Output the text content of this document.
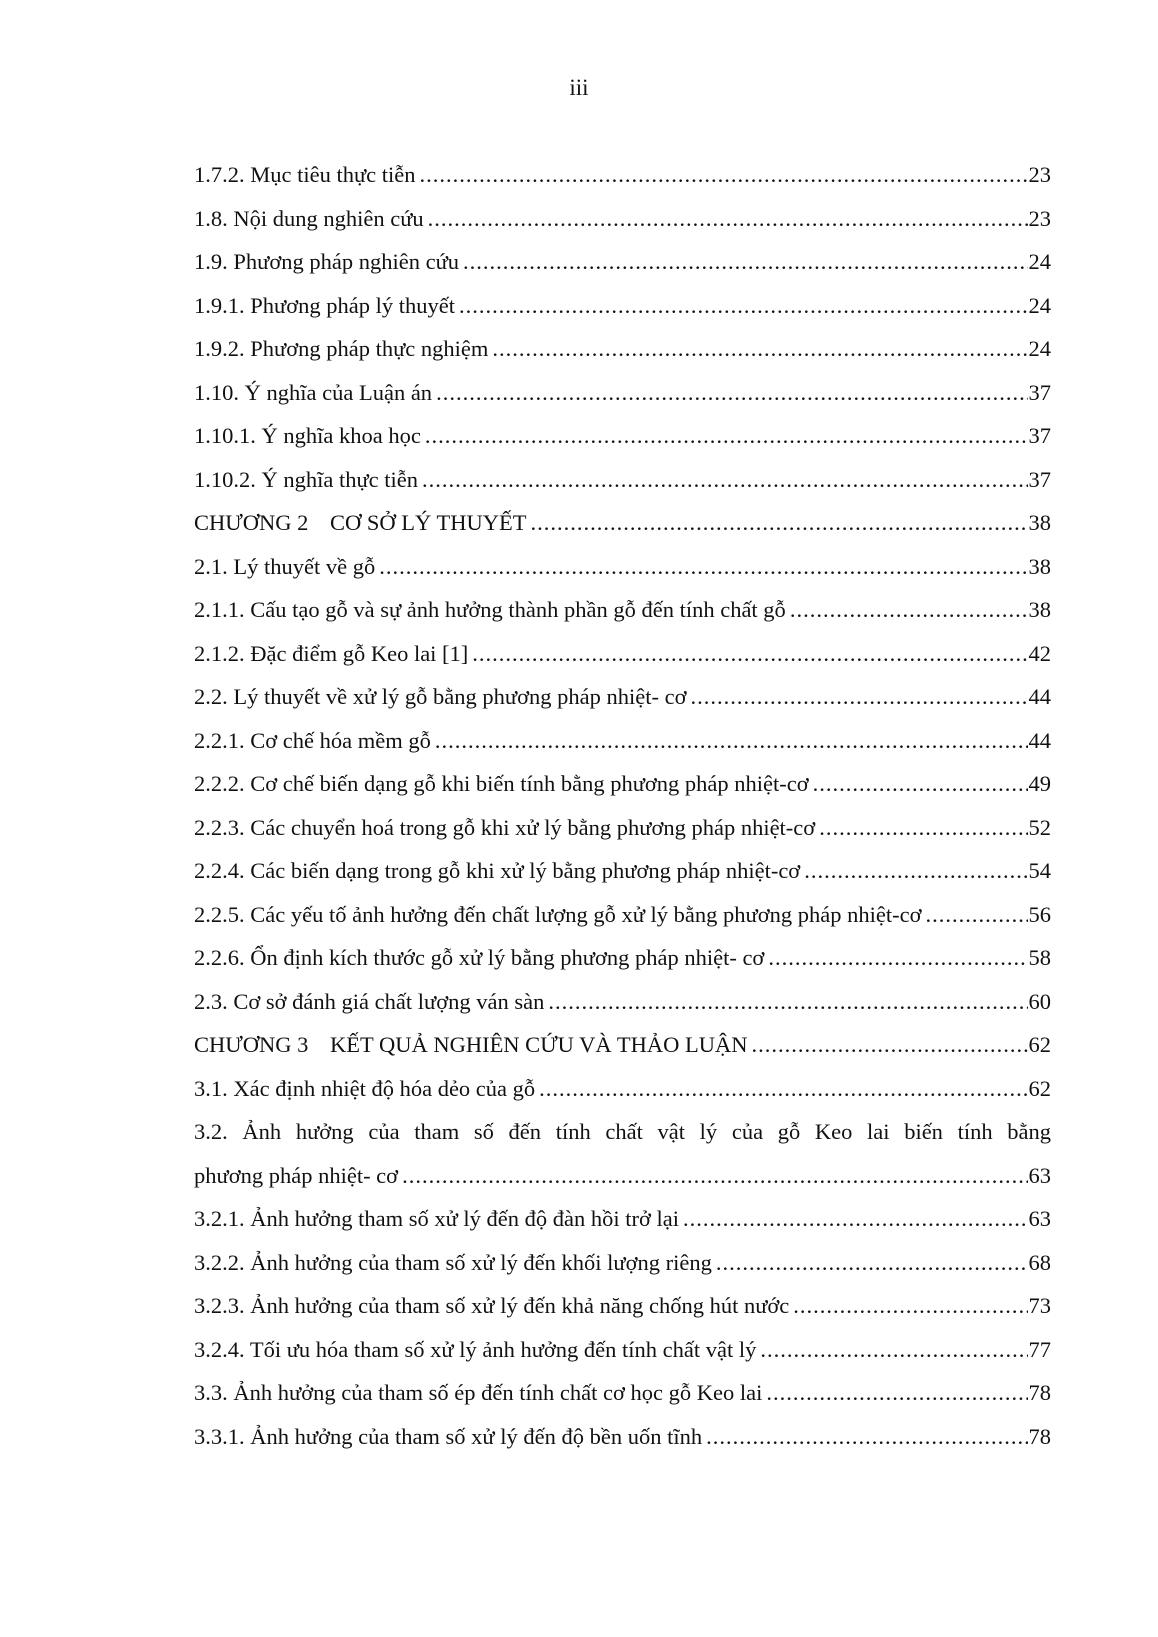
iii
1.7.2. Mục tiêu thực tiễn .....	23
1.8. Nội dung nghiên cứu .....	23
1.9. Phương pháp nghiên cứu .....	24
1.9.1. Phương pháp lý thuyết .....	24
1.9.2. Phương pháp thực nghiệm .....	24
1.10. Ý nghĩa của Luận án .....	37
1.10.1. Ý nghĩa khoa học .....	37
1.10.2. Ý nghĩa thực tiễn .....	37
CHƯƠNG 2 CƠ SỞ LÝ THUYẾT .....	38
2.1. Lý thuyết về gỗ .....	38
2.1.1. Cấu tạo gỗ và sự ảnh hưởng thành phần gỗ đến tính chất gỗ .....	38
2.1.2. Đặc điểm gỗ Keo lai [1] .....	42
2.2. Lý thuyết về xử lý gỗ bằng phương pháp nhiệt- cơ .....	44
2.2.1. Cơ chế hóa mềm gỗ .....	44
2.2.2. Cơ chế biến dạng gỗ khi biến tính bằng phương pháp nhiệt-cơ .....	49
2.2.3. Các chuyển hoá trong gỗ khi xử lý bằng phương pháp nhiệt-cơ .....	52
2.2.4. Các biến dạng trong gỗ khi xử lý bằng phương pháp nhiệt-cơ .....	54
2.2.5. Các yếu tố ảnh hưởng đến chất lượng gỗ xử lý bằng phương pháp nhiệt-cơ .....	56
2.2.6. Ổn định kích thước gỗ xử lý bằng phương pháp nhiệt- cơ .....	58
2.3. Cơ sở đánh giá chất lượng ván sàn .....	60
CHƯƠNG 3 KẾT QUẢ NGHIÊN CỨU VÀ THẢO LUẬN .....	62
3.1. Xác định nhiệt độ hóa dẻo của gỗ .....	62
3.2. Ảnh hưởng của tham số đến tính chất vật lý của gỗ Keo lai biến tính bằng
phương pháp nhiệt- cơ .....	63
3.2.1. Ảnh hưởng tham số xử lý đến độ đàn hồi trở lại .....	63
3.2.2. Ảnh hưởng của tham số xử lý đến khối lượng riêng .....	68
3.2.3. Ảnh hưởng của tham số xử lý đến khả năng chống hút nước .....	73
3.2.4. Tối ưu hóa tham số xử lý ảnh hưởng đến tính chất vật lý .....	77
3.3. Ảnh hưởng của tham số ép đến tính chất cơ học gỗ Keo lai .....	78
3.3.1. Ảnh hưởng của tham số xử lý đến độ bền uốn tĩnh .....	78
